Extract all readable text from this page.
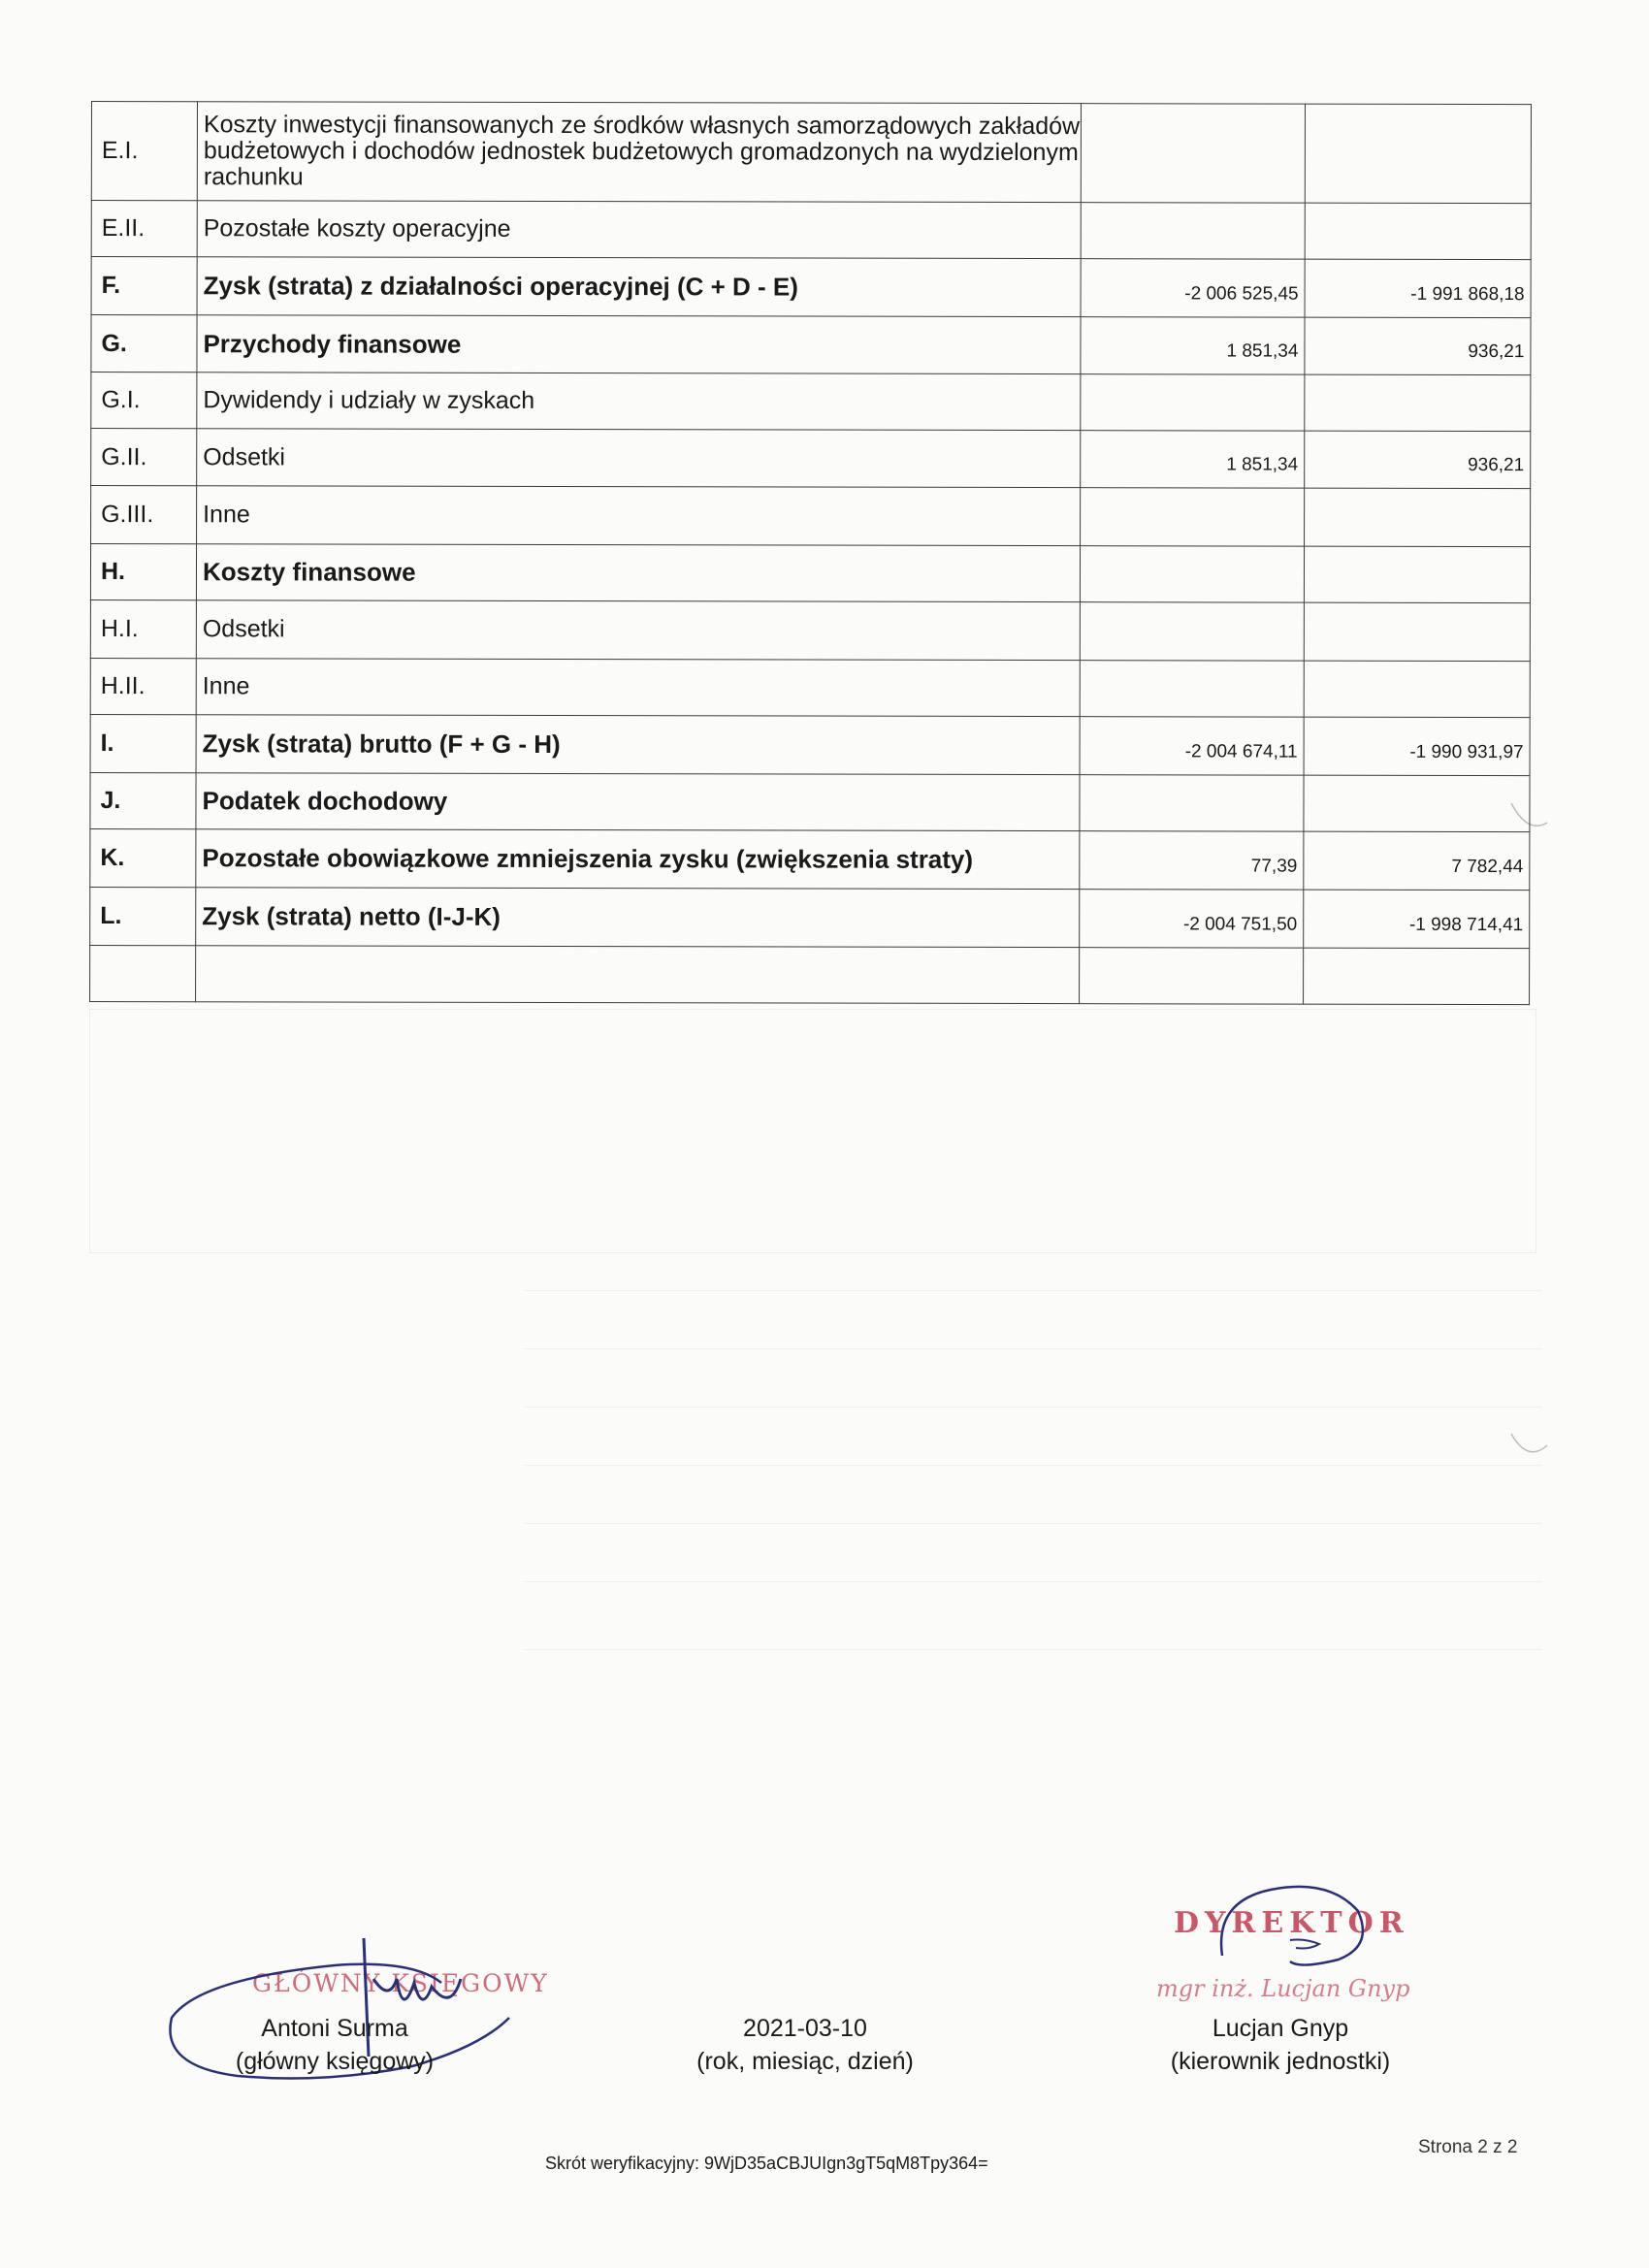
E.I.	Koszty inwestycji finansowanych ze środków własnych samorządowych zakładów budżetowych i dochodów jednostek budżetowych gromadzonych na wydzielonym rachunku		
E.II.	Pozostałe koszty operacyjne		
F.	Zysk (strata) z działalności operacyjnej (C + D - E)	-2 006 525,45	-1 991 868,18
G.	Przychody finansowe	1 851,34	936,21
G.I.	Dywidendy i udziały w zyskach		
G.II.	Odsetki	1 851,34	936,21
G.III.	Inne		
H.	Koszty finansowe		
H.I.	Odsetki		
H.II.	Inne		
I.	Zysk (strata) brutto (F + G - H)	-2 004 674,11	-1 990 931,97
J.	Podatek dochodowy		
K.	Pozostałe obowiązkowe zmniejszenia zysku (zwiększenia straty)	77,39	7 782,44
L.	Zysk (strata) netto (I-J-K)	-2 004 751,50	-1 998 714,41

GŁÓWNY KSIĘGOWY
Antoni Surma
(główny księgowy)
2021-03-10
(rok, miesiąc, dzień)
DYREKTOR
mgr inż. Lucjan Gnyp
Lucjan Gnyp
(kierownik jednostki)
Skrót weryfikacyjny: 9WjD35aCBJUIgn3gT5qM8Tpy364=
Strona 2 z 2
